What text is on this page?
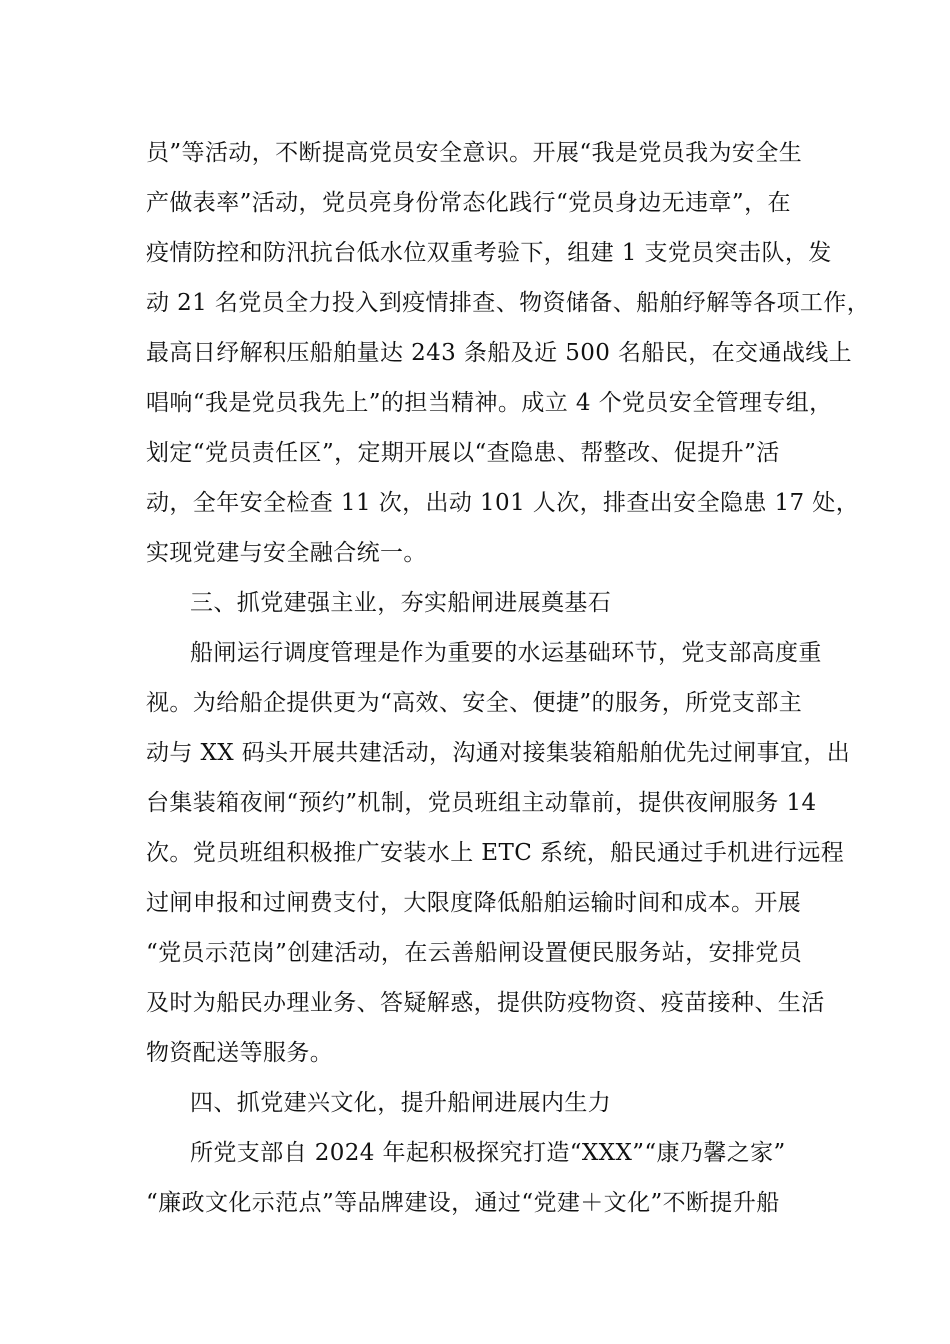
员”等活动，不断提高党员安全意识。开展“我是党员我为安全生
产做表率”活动，党员亮身份常态化践行“党员身边无违章”，在
疫情防控和防汛抗台低水位双重考验下，组建 1 支党员突击队，发
动 21 名党员全力投入到疫情排查、物资储备、船舶纾解等各项工作，
最高日纾解积压船舶量达 243 条船及近 500 名船民，在交通战线上
唱响“我是党员我先上”的担当精神。成立 4 个党员安全管理专组，
划定“党员责任区”，定期开展以“查隐患、帮整改、促提升”活
动，全年安全检查 11 次，出动 101 人次，排查出安全隐患 17 处，
实现党建与安全融合统一。
三、抓党建强主业，夯实船闸进展奠基石
船闸运行调度管理是作为重要的水运基础环节，党支部高度重
视。为给船企提供更为“高效、安全、便捷”的服务，所党支部主
动与 XX 码头开展共建活动，沟通对接集装箱船舶优先过闸事宜，出
台集装箱夜闸“预约”机制，党员班组主动靠前，提供夜闸服务 14
次。党员班组积极推广安装水上 ETC 系统，船民通过手机进行远程
过闸申报和过闸费支付，大限度降低船舶运输时间和成本。开展
“党员示范岗”创建活动，在云善船闸设置便民服务站，安排党员
及时为船民办理业务、答疑解惑，提供防疫物资、疫苗接种、生活
物资配送等服务。
四、抓党建兴文化，提升船闸进展内生力
所党支部自 2024 年起积极探究打造“XXX”“康乃馨之家”
“廉政文化示范点”等品牌建设，通过“党建＋文化”不断提升船
